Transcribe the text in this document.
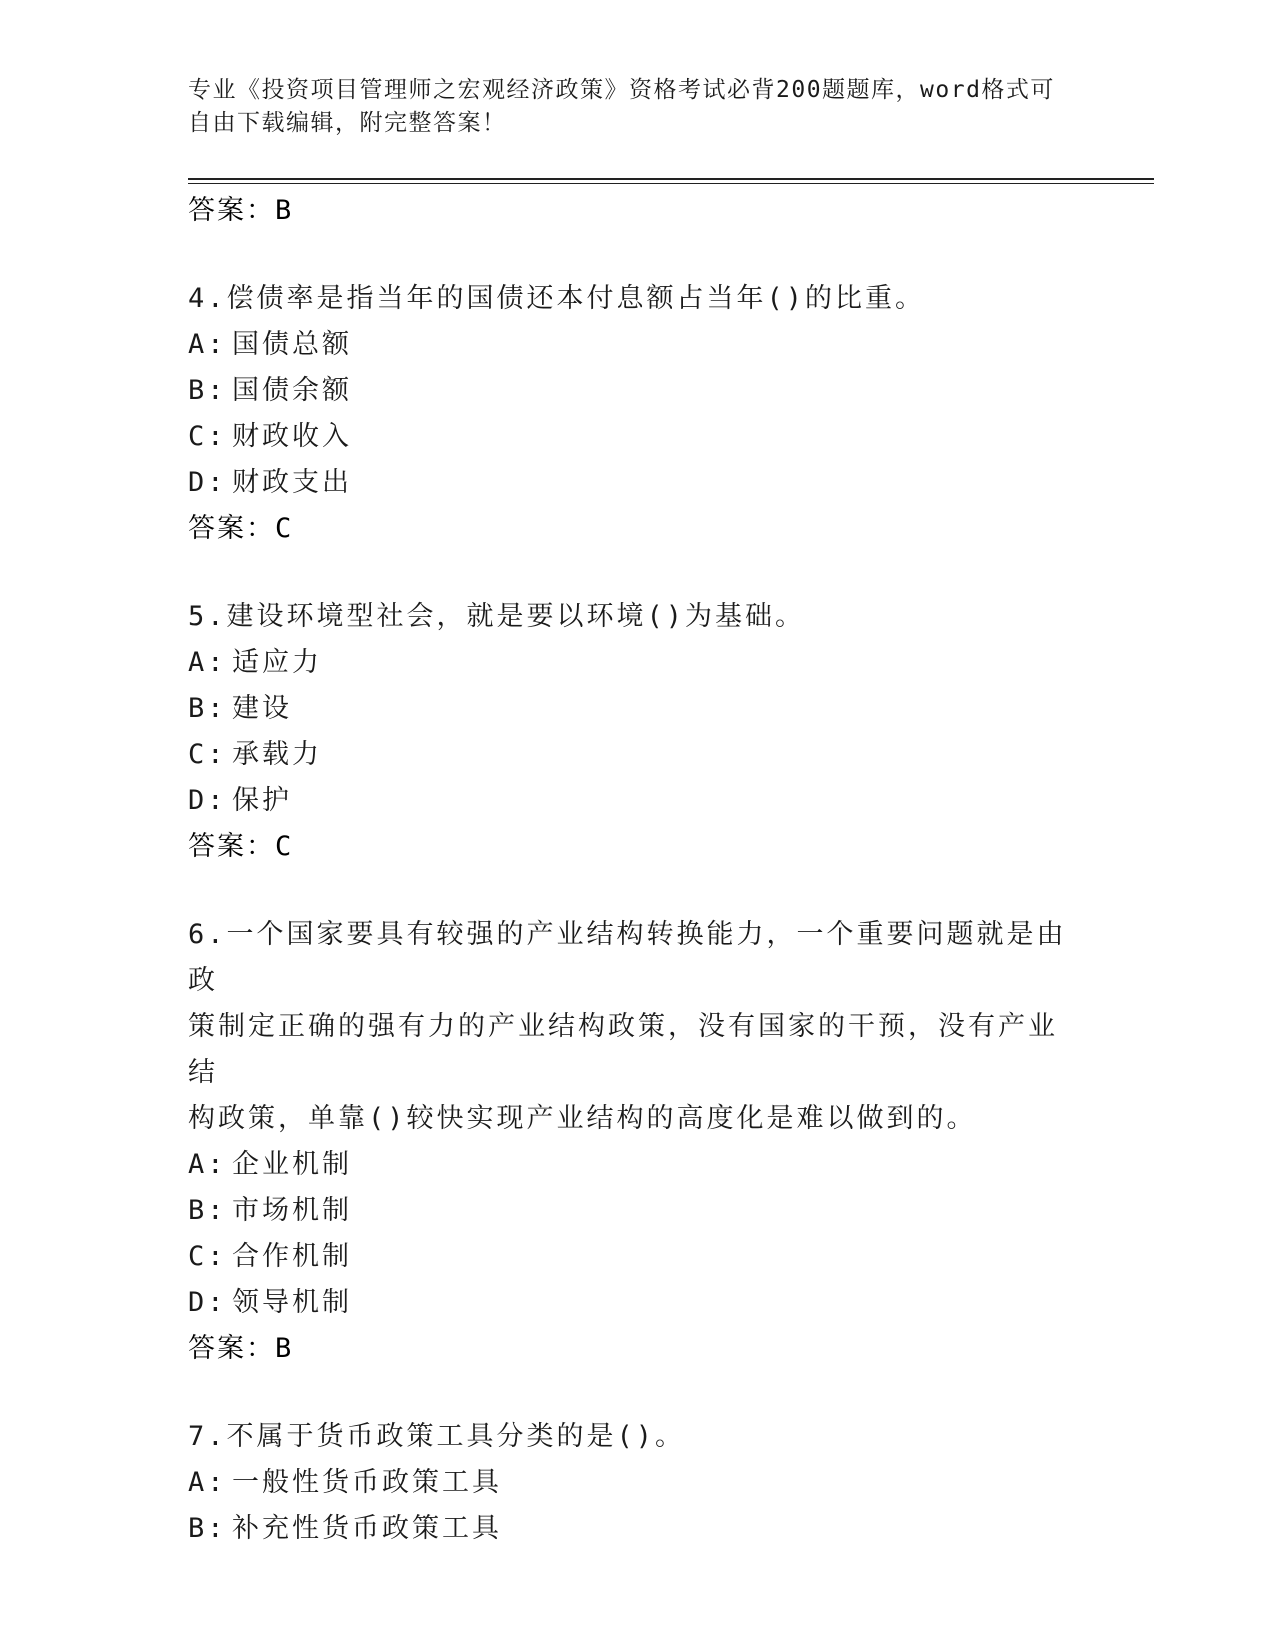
专业《投资项目管理师之宏观经济政策》资格考试必背200题题库，word格式可
自由下载编辑，附完整答案！
答案：B
4.偿债率是指当年的国债还本付息额占当年()的比重。
A: 国债总额
B: 国债余额
C: 财政收入
D: 财政支出
答案：C
5.建设环境型社会，就是要以环境()为基础。
A: 适应力
B: 建设
C: 承载力
D: 保护
答案：C
6.一个国家要具有较强的产业结构转换能力，一个重要问题就是由政
策制定正确的强有力的产业结构政策，没有国家的干预，没有产业结
构政策，单靠()较快实现产业结构的高度化是难以做到的。
A: 企业机制
B: 市场机制
C: 合作机制
D: 领导机制
答案：B
7.不属于货币政策工具分类的是()。
A: 一般性货币政策工具
B: 补充性货币政策工具
